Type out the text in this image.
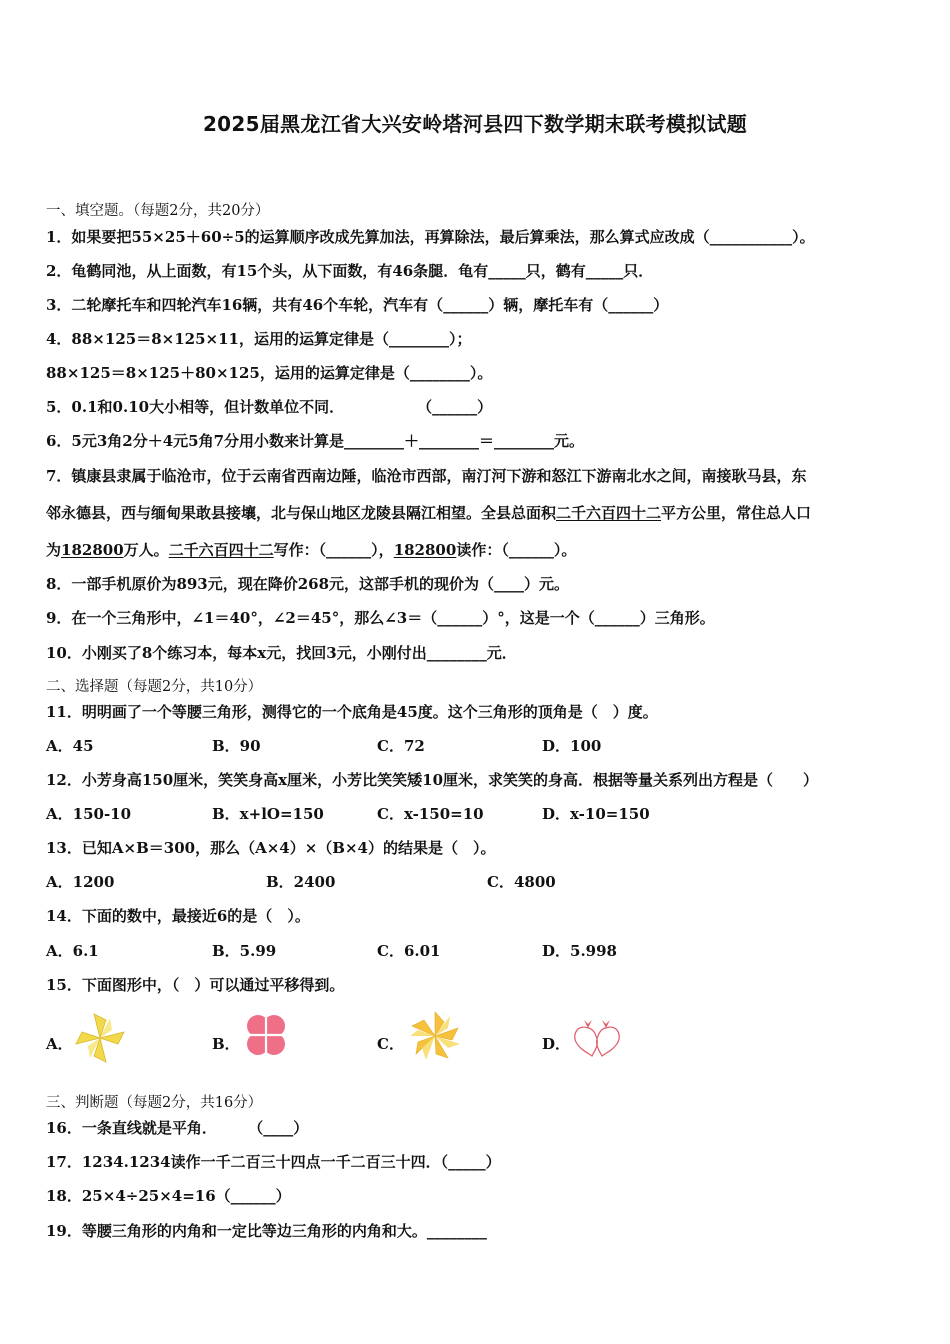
2025届黑龙江省大兴安岭塔河县四下数学期末联考模拟试题
一、填空题。（每题2分，共20分）
1．如果要把55×25＋60÷5的运算顺序改成先算加法，再算除法，最后算乘法，那么算式应改成（___________）。
2．龟鹤同池，从上面数，有15个头，从下面数，有46条腿．龟有_____只，鹤有_____只．
3．二轮摩托车和四轮汽车16辆，共有46个车轮，汽车有（______）辆，摩托车有（______）
4．88×125＝8×125×11，运用的运算定律是（________）；
88×125＝8×125＋80×125，运用的运算定律是（________）。
5．0.1和0.10大小相等，但计数单位不同．              （______）
6．5元3角2分＋4元5角7分用小数来计算是________＋________＝________元。
7．镇康县隶属于临沧市，位于云南省西南边陲，临沧市西部，南汀河下游和怒江下游南北水之间，南接耿马县，东
邻永德县，西与缅甸果敢县接壤，北与保山地区龙陵县隔江相望。全县总面积二千六百四十二平方公里，常住总人口
为182800万人。二千六百四十二写作：（______），182800读作：（______）。
8．一部手机原价为893元，现在降价268元，这部手机的现价为（____）元。
9．在一个三角形中，∠1＝40°，∠2＝45°，那么∠3＝（______）°，这是一个（______）三角形。
10．小刚买了8个练习本，每本x元，找回3元，小刚付出________元．
二、选择题（每题2分，共10分）
11．明明画了一个等腰三角形，测得它的一个底角是45度。这个三角形的顶角是（　）度。
A．45	B．90	C．72	D．100
12．小芳身高150厘米，笑笑身高x厘米，小芳比笑笑矮10厘米，求笑笑的身高．根据等量关系列出方程是（　　）
A．150-10	B．x+lO=150	C．x-150=10	D．x-10=150
13．已知A×B＝300，那么（A×4）×（B×4）的结果是（　）。
A．1200	B．2400	C．4800
14．下面的数中，最接近6的是（　）。
A．6.1	B．5.99	C．6.01	D．5.998
15．下面图形中，（　）可以通过平移得到。
A．	B．	C．	D．
三、判断题（每题2分，共16分）
16．一条直线就是平角．      （____）
17．1234.1234读作一千二百三十四点一千二百三十四．（_____）
18．25×4÷25×4=16（______）
19．等腰三角形的内角和一定比等边三角形的内角和大。________
